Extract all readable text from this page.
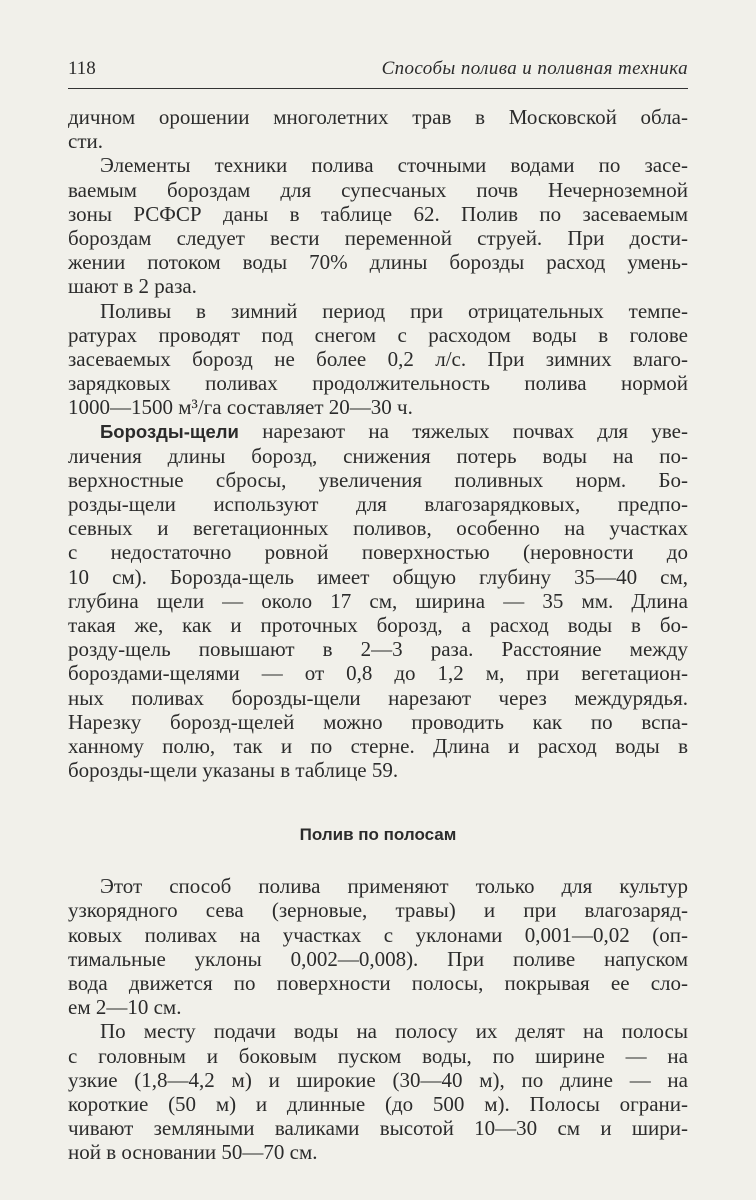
118	Способы полива и поливная техника
дичном орошении многолетних трав в Московской обла-
сти.
Элементы техники полива сточными водами по засе-
ваемым бороздам для супесчаных почв Нечерноземной
зоны РСФСР даны в таблице 62. Полив по засеваемым
бороздам следует вести переменной струей. При дости-
жении потоком воды 70% длины борозды расход умень-
шают в 2 раза.
Поливы в зимний период при отрицательных темпе-
ратурах проводят под снегом с расходом воды в голове
засеваемых борозд не более 0,2 л/с. При зимних влаго-
зарядковых поливах продолжительность полива нормой
1000—1500 м³/га составляет 20—30 ч.
Борозды-щели нарезают на тяжелых почвах для уве-
личения длины борозд, снижения потерь воды на по-
верхностные сбросы, увеличения поливных норм. Бо-
розды-щели используют для влагозарядковых, предпо-
севных и вегетационных поливов, особенно на участках
с недостаточно ровной поверхностью (неровности до
10 см). Борозда-щель имеет общую глубину 35—40 см,
глубина щели — около 17 см, ширина — 35 мм. Длина
такая же, как и проточных борозд, а расход воды в бо-
розду-щель повышают в 2—3 раза. Расстояние между
бороздами-щелями — от 0,8 до 1,2 м, при вегетацион-
ных поливах борозды-щели нарезают через междурядья.
Нарезку борозд-щелей можно проводить как по вспа-
ханному полю, так и по стерне. Длина и расход воды в
борозды-щели указаны в таблице 59.
Полив по полосам
Этот способ полива применяют только для культур
узкорядного сева (зерновые, травы) и при влагозаряд-
ковых поливах на участках с уклонами 0,001—0,02 (оп-
тимальные уклоны 0,002—0,008). При поливе напуском
вода движется по поверхности полосы, покрывая ее сло-
ем 2—10 см.
По месту подачи воды на полосу их делят на полосы
с головным и боковым пуском воды, по ширине — на
узкие (1,8—4,2 м) и широкие (30—40 м), по длине — на
короткие (50 м) и длинные (до 500 м). Полосы ограни-
чивают земляными валиками высотой 10—30 см и шири-
ной в основании 50—70 см.
